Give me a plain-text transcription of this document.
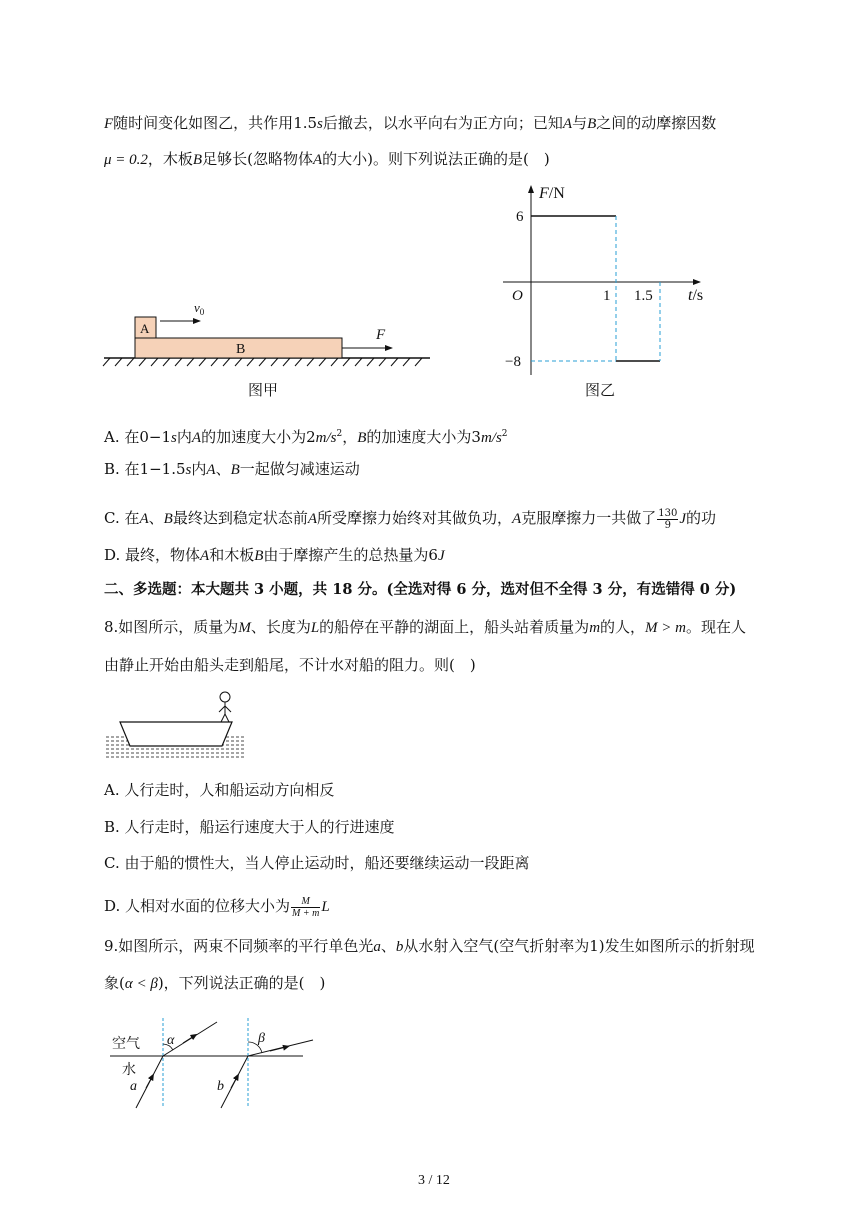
F随时间变化如图乙，共作用1.5s后撤去，以水平向右为正方向；已知A与B之间的动摩擦因数
μ = 0.2，木板B足够长(忽略物体A的大小)。则下列说法正确的是(　)
B
A
$v_0$
F
图甲
F/N
t/s
O
6
−8
1 1.5
图乙
A. 在0−1s内A的加速度大小为$2m/s^2$，B的加速度大小为$3m/s^2$
B. 在1−1.5s内A、B一起做匀减速运动
C. 在A、B最终达到稳定状态前A所受摩擦力始终对其做负功，A克服摩擦力一共做了 $\frac{130}{9}$ J的功
D. 最终，物体A和木板B由于摩擦产生的总热量为6J
二、多选题：本大题共 3 小题，共 18 分。(全选对得 6 分，选对但不全得 3 分，有选错得 0 分)
8.如图所示，质量为M、长度为L的船停在平静的湖面上，船头站着质量为m的人，M > m。现在人
由静止开始由船头走到船尾，不计水对船的阻力。则(　)
A. 人行走时，人和船运动方向相反
B. 人行走时，船运行速度大于人的行进速度
C. 由于船的惯性大，当人停止运动时，船还要继续运动一段距离
D. 人相对水面的位移大小为 $\frac{M}{M + m}$ L
9.如图所示，两束不同频率的平行单色光a、b从水射入空气(空气折射率为1)发生如图所示的折射现
象(α < β)，下列说法正确的是(　)
空气
水
α
a
β
b
3 / 12
